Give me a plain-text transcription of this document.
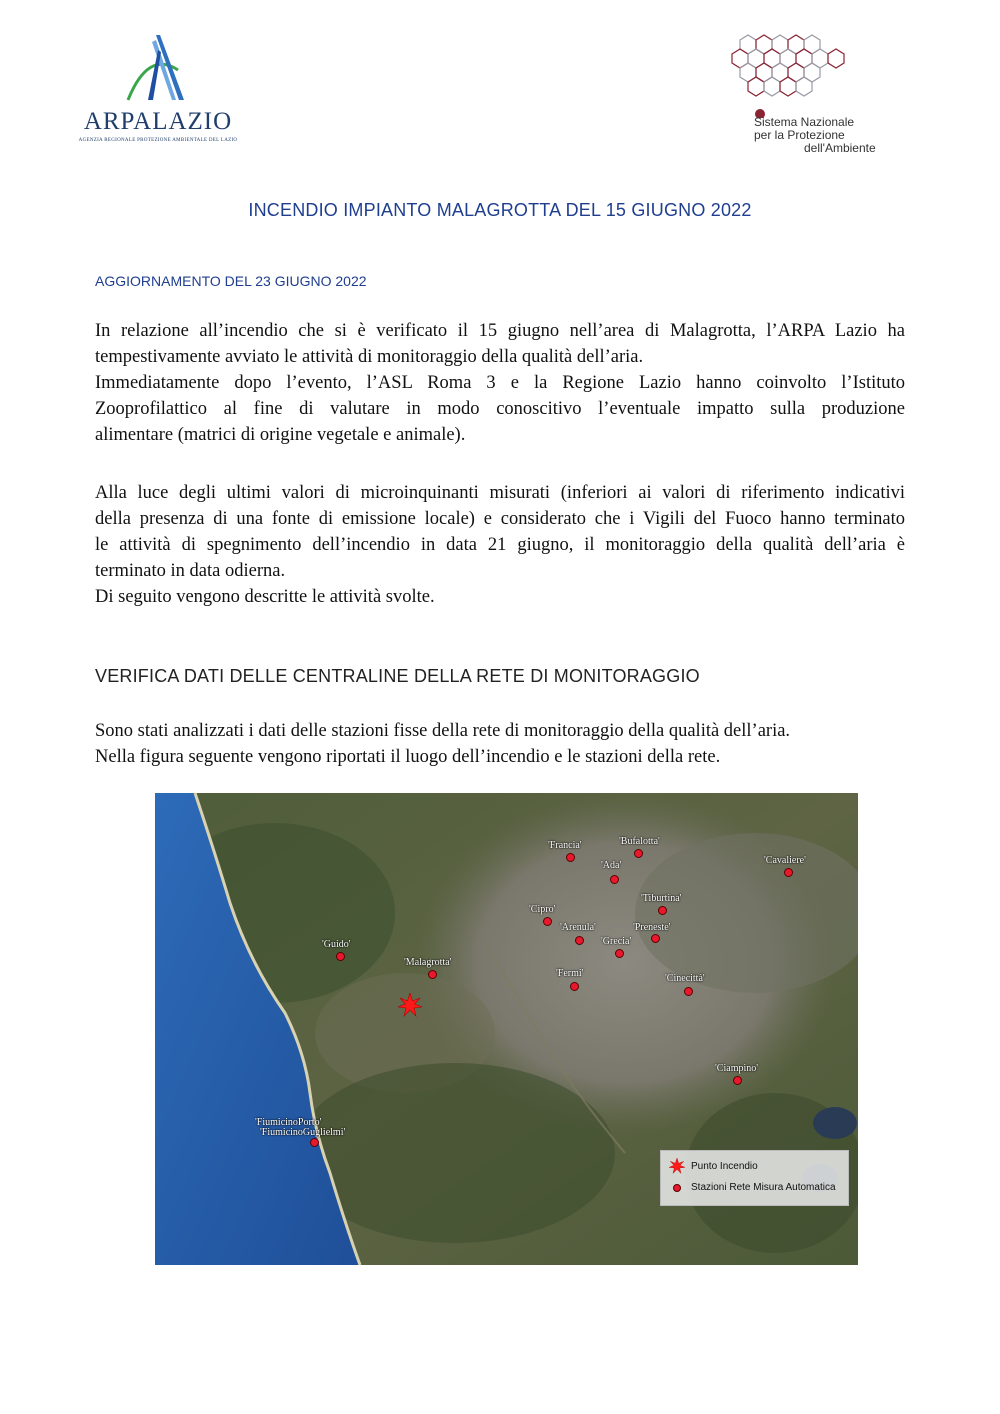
ARPALAZIO
AGENZIA REGIONALE PROTEZIONE AMBIENTALE DEL LAZIO
Sistema Nazionale
per la Protezione
dell'Ambiente
INCENDIO IMPIANTO MALAGROTTA DEL 15 GIUGNO 2022
AGGIORNAMENTO DEL 23 GIUGNO 2022
In relazione all’incendio che si è verificato il 15 giugno nell’area di Malagrotta, l’ARPA Lazio ha
tempestivamente avviato le attività di monitoraggio della qualità dell’aria.
Immediatamente dopo l’evento, l’ASL Roma 3 e la Regione Lazio hanno coinvolto l’Istituto
Zooprofilattico al fine di valutare in modo conoscitivo l’eventuale impatto sulla produzione
alimentare (matrici di origine vegetale e animale).
Alla luce degli ultimi valori di microinquinanti misurati (inferiori ai valori di riferimento indicativi
della presenza di una fonte di emissione locale) e considerato che i Vigili del Fuoco hanno terminato
le attività di spegnimento dell’incendio in data 21 giugno, il monitoraggio della qualità dell’aria è
terminato in data odierna.
Di seguito vengono descritte le attività svolte.
VERIFICA DATI DELLE CENTRALINE DELLA RETE DI MONITORAGGIO
Sono stati analizzati i dati delle stazioni fisse della rete di monitoraggio della qualità dell’aria.
Nella figura seguente vengono riportati il luogo dell’incendio e le stazioni della rete.
'Francia'	'Bufalotta'
'Ada'	'Cavaliere'
'Tiburtina'
'Cipro'
'Arenula'	'Preneste'
'Grecia'
'Guido'
'Malagrotta'
'Fermi'	'Cinecittà'
'Ciampino'
'FiumicinoPorto'
'FiumicinoGuglielmi'
Punto Incendio
Stazioni Rete Misura Automatica
